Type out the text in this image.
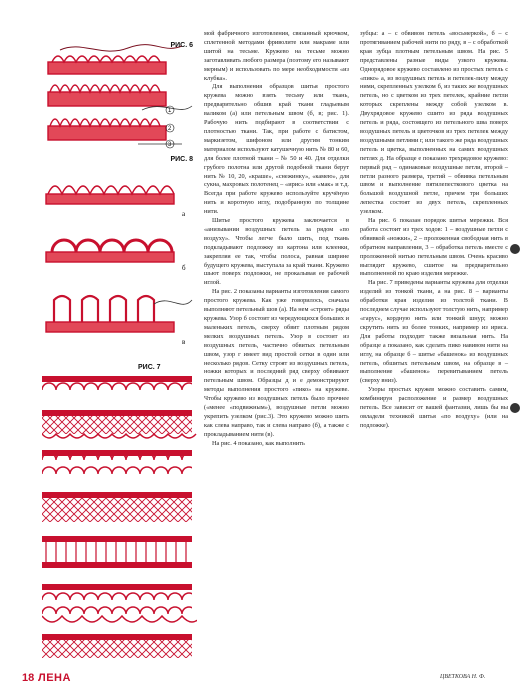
РИС. 6
1
2
3
РИС. 8
а
б
в
РИС. 7

мой фабричного изготовления, связанный крючком, сплетенной методами фриволите или макраме или шитой на тесьме. Кружево на тесьме можно заготавливать любого размера (поэтому его называют мерным) и использовать по мере необходимости «из клубка».

Для выполнения образцов шитья простого кружева можно взять тесьму или ткань, предварительно обшив край ткани гладьевым валиком (а) или петельным швом (б, в; рис. 1). Рабочую нить подбирают в соответствии с плотностью ткани. Так, при работе с батистом, маркизетом, шифоном или другим тонким материалом используют катушечную нить № 80 и 60, для более плотной ткани – № 50 и 40. Для отделки грубого полотна или другой подобной ткани берут нить № 10, 20, «краше», «снежинку», «камею», для сукна, махровых полотенец – «ирис» или «мак» и т.д. Всегда при работе кружево используйте кручёную нить и коротную иглу, подобранную по толщине нити.

Шитье простого кружева заключается в «анизывании воздушных петель за рядом «по воздуху». Чтобы легче было шить, под ткань подкладывают подложку из картона или клеенки, закрепляя ее так, чтобы полоса, равная ширине будущего кружева, выступала за край ткани. Кружево шьют поверх подложки, не прокалывая ее рабочей иглой.

На рис. 2 показаны варианты изготовления самого простого кружева. Как уже говорилось, сначала выполняют петельный шов (а). На нем «строят» ряды кружева. Узор б состоит из чередующихся больших и маленьких петель, сверху обвит плотным рядом мелких воздушных петель. Узор в состоит из воздушных петель, частично обвитых петельным швом, узор г имеет вид простой сетки в один или несколько рядов. Сетку строят из воздушных петель, ножки которых и последний ряд сверху обвивают петельным швом. Образцы д и е демонстрируют методы выполнения простого «пико» на кружеве. Чтобы кружево из воздушных петель было прочнее («менее «подвижным»), воздушные петли можно укрепить узелком (рис.3). Это кружево можно шить как слева направо, так и слева направо (б), а также с прокладыванием нити (в).

На рис. 4 показано, как выполнить

зубцы: а – с обвивом петель «восьмеркой», б – с протягиванием рабочей нити по ряду, в – с обработкой края зубца плотным петельным швом. На рис. 5 представлены разные виды узкого кружева. Однорядовое кружево составлено из простых петель с «пико» а, из воздушных петель и петелек-лилу между ними, скрепленных узелком б, из таких же воздушных петель, но с цветком из трех петелек, крайние петли которых скреплены между собой узелком в. Двухрядовое кружево сшито из ряда воздушных петель и ряда, состоящего из петельного шва поверх воздушных петель и цветочков из трех петелек между воздушными петлями г, или такого же ряда воздушных петель и цветка, выполненных на самих воздушных петлях д. На образце е показано трехрядовое кружево: первый ряд – одинаковые воздушные петли, второй – петли разного размера, третий – обвивка петельным швом и выполнение пятилепесткового цветка на большой воздушной петле, причем три больших лепестка состоят из двух петель, скрепленных узелком.

На рис. 6 показан порядок шитья мережки. Вся работа состоит из трех ходов: 1 – воздушные петли с обвивкой «ножки», 2 – проложенная свободная нить в обратном направлении, 3 – обработка петель вместе с проложенной нитью петельным швом. Очень красиво выглядит кружево, сшитое на предварительно выполненной по краю изделия мережке.

На рис. 7 приведены варианты кружева для отделки изделий из тонкой ткани, а на рис. 8 – варианты обработки края изделия из толстой ткани. В последнем случае используют толстую нить, например «гарус», кордную нить или тонкий шнур; можно скрутить нить из более тонких, например из ириса. Для работы подходит также вязальная нить. На образце а показано, как сделать пико навивом нити на иглу, на образце б – шитье «башенок» из воздушных петель, обшитых петельным швом, на образце в – выполнение «башенок» перевитыванием петель (сверху вниз).

Узоры простых кружев можно составить самим, комбинируя расположение и размер воздушных петель. Все зависит от вашей фантазии, лишь бы вы овладели техникой шитья «по воздуху» (или на подложке).

18 ЛЕНА	ЦВЕТКОВА Н. Ф.
